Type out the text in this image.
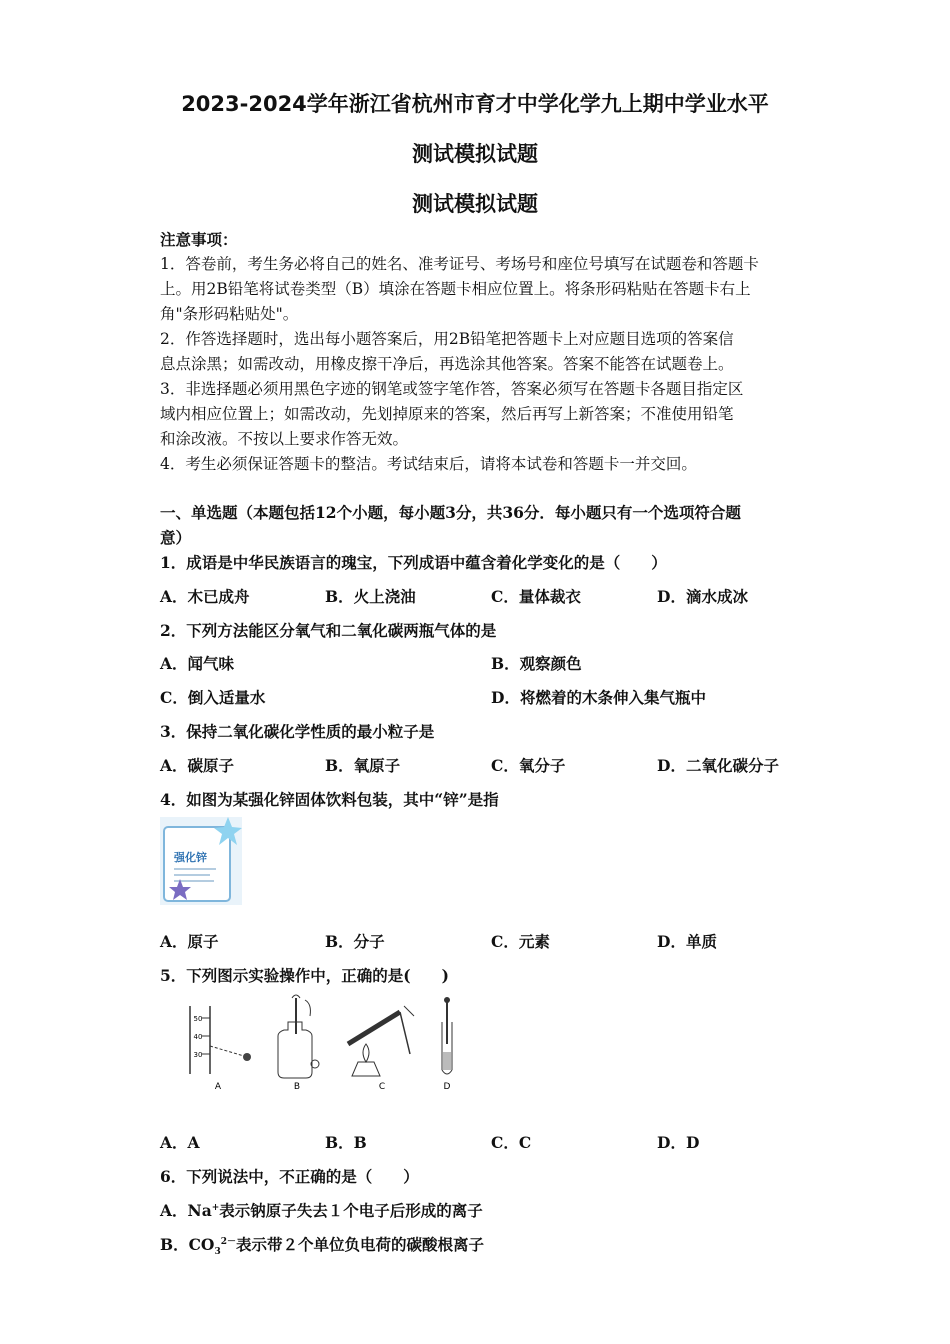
2023-2024学年浙江省杭州市育才中学化学九上期中学业水平
测试模拟试题
测试模拟试题
注意事项：
1．答卷前，考生务必将自己的姓名、准考证号、考场号和座位号填写在试题卷和答题卡
上。用2B铅笔将试卷类型（B）填涂在答题卡相应位置上。将条形码粘贴在答题卡右上
角"条形码粘贴处"。
2．作答选择题时，选出每小题答案后，用2B铅笔把答题卡上对应题目选项的答案信
息点涂黑；如需改动，用橡皮擦干净后，再选涂其他答案。答案不能答在试题卷上。
3．非选择题必须用黑色字迹的钢笔或签字笔作答，答案必须写在答题卡各题目指定区
域内相应位置上；如需改动，先划掉原来的答案，然后再写上新答案；不准使用铅笔
和涂改液。不按以上要求作答无效。
4．考生必须保证答题卡的整洁。考试结束后，请将本试卷和答题卡一并交回。
一、单选题（本题包括12个小题，每小题3分，共36分．每小题只有一个选项符合题
意）
1．成语是中华民族语言的瑰宝，下列成语中蕴含着化学变化的是（　　）
A．木已成舟	B．火上浇油	C．量体裁衣	D．滴水成冰
2．下列方法能区分氧气和二氧化碳两瓶气体的是
A．闻气味	B．观察颜色
C．倒入适量水	D．将燃着的木条伸入集气瓶中
3．保持二氧化碳化学性质的最小粒子是
A．碳原子	B．氧原子	C．氧分子	D．二氧化碳分子
4．如图为某强化锌固体饮料包装，其中“锌”是指
强化锌
A．原子	B．分子	C．元素	D．单质
5．下列图示实验操作中，正确的是(　　)
50
40
30
A	B	C	D
A．A	B．B	C．C	D．D
6．下列说法中，不正确的是（　　）
A．Na+表示钠原子失去１个电子后形成的离子
B．$CO_3^{2-}$表示带２个单位负电荷的碳酸根离子
